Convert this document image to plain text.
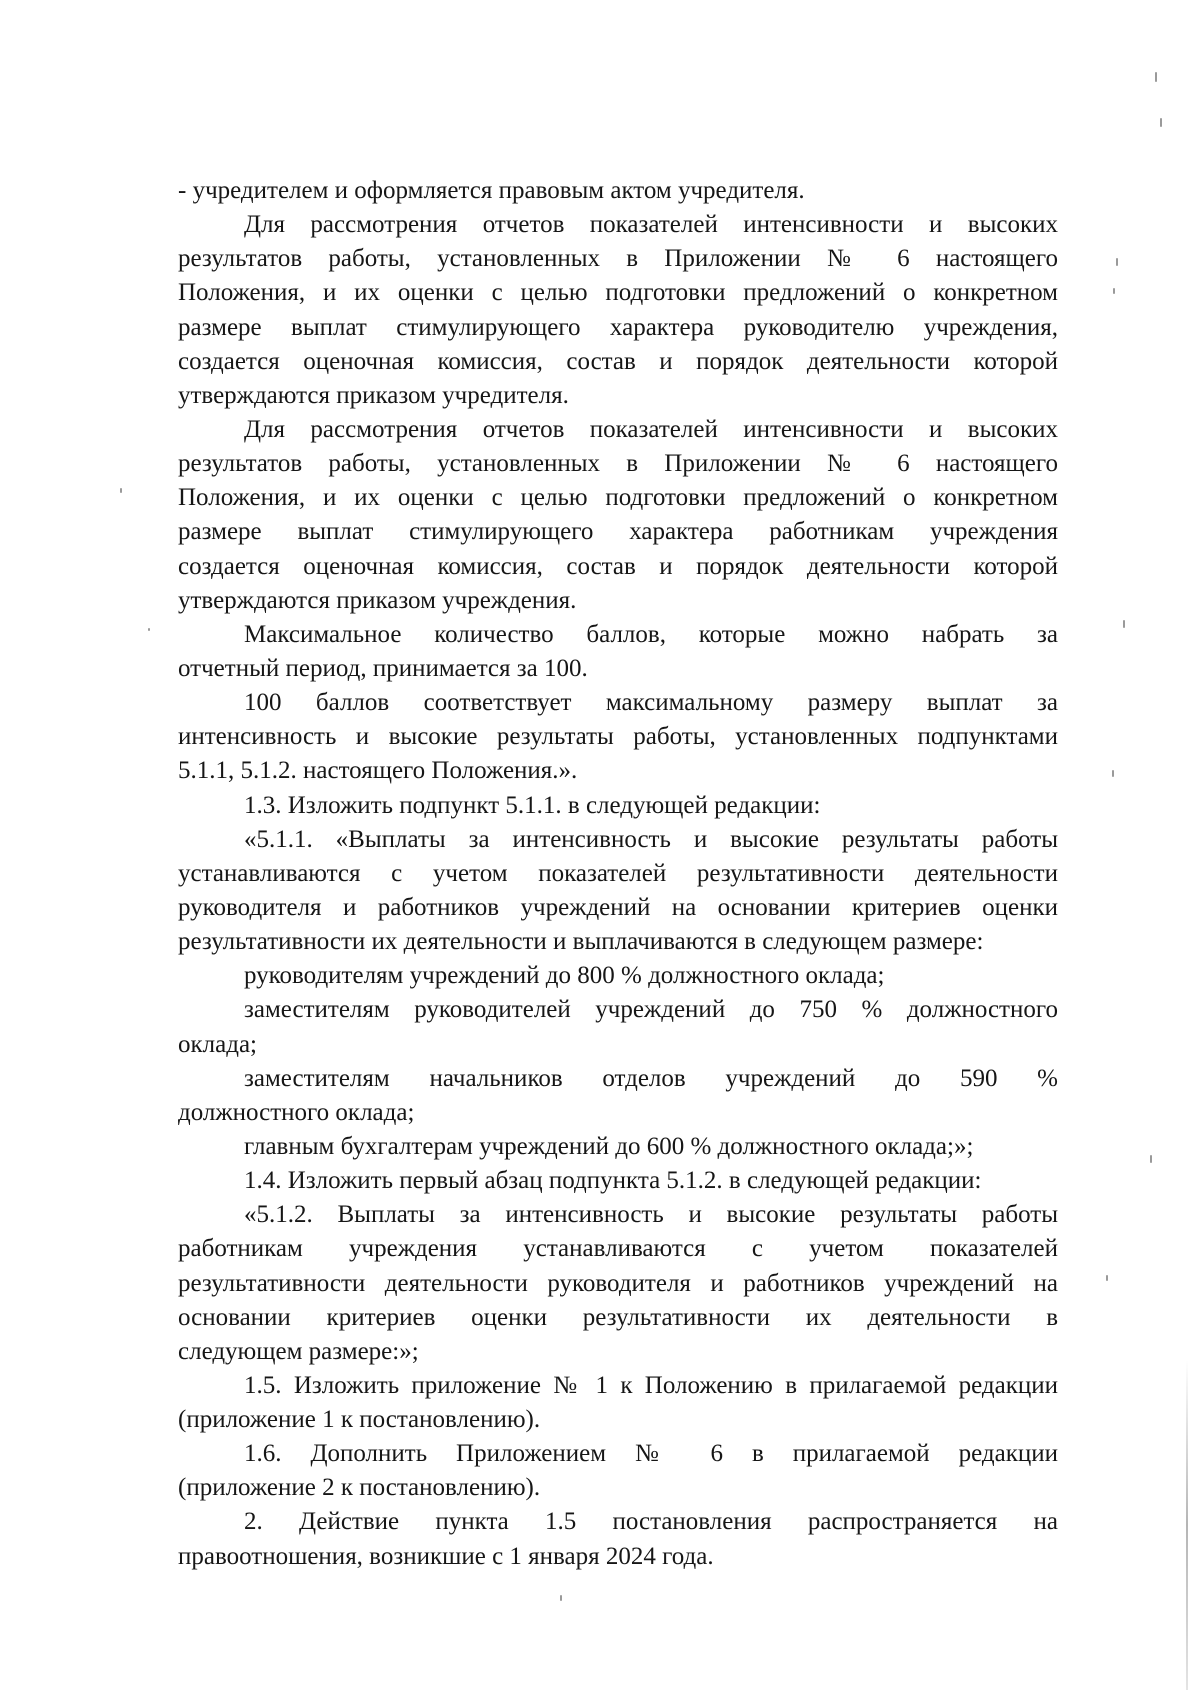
- учредителем и оформляется правовым актом учредителя.
Для рассмотрения отчетов показателей интенсивности и высоких
результатов работы, установленных в Приложении № 6 настоящего
Положения, и их оценки с целью подготовки предложений о конкретном
размере выплат стимулирующего характера руководителю учреждения,
создается оценочная комиссия, состав и порядок деятельности которой
утверждаются приказом учредителя.
Для рассмотрения отчетов показателей интенсивности и высоких
результатов работы, установленных в Приложении № 6 настоящего
Положения, и их оценки с целью подготовки предложений о конкретном
размере выплат стимулирующего характера работникам учреждения
создается оценочная комиссия, состав и порядок деятельности которой
утверждаются приказом учреждения.
Максимальное количество баллов, которые можно набрать за
отчетный период, принимается за 100.
100 баллов соответствует максимальному размеру выплат за
интенсивность и высокие результаты работы, установленных подпунктами
5.1.1, 5.1.2. настоящего Положения.».
1.3. Изложить подпункт 5.1.1. в следующей редакции:
«5.1.1. «Выплаты за интенсивность и высокие результаты работы
устанавливаются с учетом показателей результативности деятельности
руководителя и работников учреждений на основании критериев оценки
результативности их деятельности и выплачиваются в следующем размере:
руководителям учреждений до 800 % должностного оклада;
заместителям руководителей учреждений до 750 % должностного
оклада;
заместителям начальников отделов учреждений до 590 %
должностного оклада;
главным бухгалтерам учреждений до 600 % должностного оклада;»;
1.4. Изложить первый абзац подпункта 5.1.2. в следующей редакции:
«5.1.2. Выплаты за интенсивность и высокие результаты работы
работникам учреждения устанавливаются с учетом показателей
результативности деятельности руководителя и работников учреждений на
основании критериев оценки результативности их деятельности в
следующем размере:»;
1.5. Изложить приложение № 1 к Положению в прилагаемой редакции
(приложение 1 к постановлению).
1.6. Дополнить Приложением № 6 в прилагаемой редакции
(приложение 2 к постановлению).
2. Действие пункта 1.5 постановления распространяется на
правоотношения, возникшие с 1 января 2024 года.
